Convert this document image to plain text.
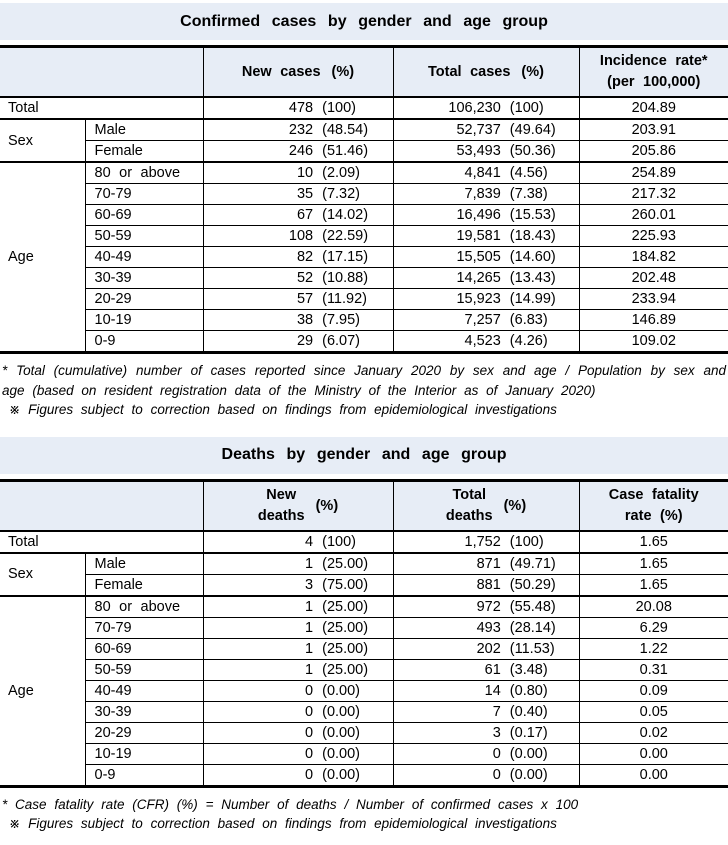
Confirmed cases by gender and age group

		New cases (%)	Total cases (%)	Incidence rate*
(per 100,000)

Total		478 (100)	106,230 (100)	204.89
Sex	Male	232 (48.54)	52,737 (49.64)	203.91
	Female	246 (51.46)	53,493 (50.36)	205.86
Age	80 or above	10 (2.09)	4,841 (4.56)	254.89
	70-79	35 (7.32)	7,839 (7.38)	217.32
	60-69	67 (14.02)	16,496 (15.53)	260.01
	50-59	108 (22.59)	19,581 (18.43)	225.93
	40-49	82 (17.15)	15,505 (14.60)	184.82
	30-39	52 (10.88)	14,265 (13.43)	202.48
	20-29	57 (11.92)	15,923 (14.99)	233.94
	10-19	38 (7.95)	7,257 (6.83)	146.89
	0-9	29 (6.07)	4,523 (4.26)	109.02

* Total (cumulative) number of cases reported since January 2020 by sex and age / Population by sex and age (based on resident registration data of the Ministry of the Interior as of January 2020)

※ Figures subject to correction based on findings from epidemiological investigations

Deaths by gender and age group

		New
deaths
(%)	Total
deaths
(%)	Case fatality
rate (%)

Total		4 (100)	1,752 (100)	1.65
Sex	Male	1 (25.00)	871 (49.71)	1.65
	Female	3 (75.00)	881 (50.29)	1.65
Age	80 or above	1 (25.00)	972 (55.48)	20.08
	70-79	1 (25.00)	493 (28.14)	6.29
	60-69	1 (25.00)	202 (11.53)	1.22
	50-59	1 (25.00)	61 (3.48)	0.31
	40-49	0 (0.00)	14 (0.80)	0.09
	30-39	0 (0.00)	7 (0.40)	0.05
	20-29	0 (0.00)	3 (0.17)	0.02
	10-19	0 (0.00)	0 (0.00)	0.00
	0-9	0 (0.00)	0 (0.00)	0.00

* Case fatality rate (CFR) (%) = Number of deaths / Number of confirmed cases x 100

※ Figures subject to correction based on findings from epidemiological investigations
